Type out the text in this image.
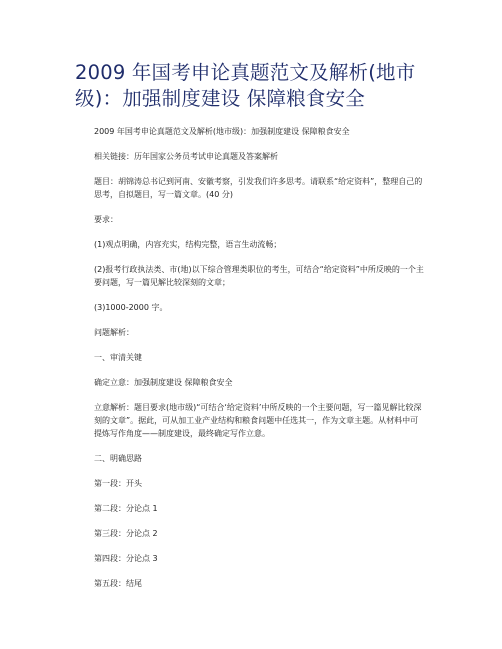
2009 年国考申论真题范文及解析(地市级)：加强制度建设 保障粮食安全

2009 年国考申论真题范文及解析(地市级)：加强制度建设 保障粮食安全

相关链接：历年国家公务员考试申论真题及答案解析

题目：胡锦涛总书记到河南、安徽考察，引发我们许多思考。请联系“给定资料”，整理自己的思考，自拟题目，写一篇文章。(40 分)

要求：

(1)观点明确，内容充实，结构完整，语言生动流畅；

(2)报考行政执法类、市(地)以下综合管理类职位的考生，可结合“给定资料”中所反映的一个主要问题，写一篇见解比较深刻的文章；

(3)1000-2000 字。

问题解析：

一、审清关键

确定立意：加强制度建设 保障粮食安全

立意解析：题目要求(地市级)“可结合‘给定资料’中所反映的一个主要问题，写一篇见解比较深刻的文章”。据此，可从加工业产业结构和粮食问题中任选其一，作为文章主题。从材料中可提炼写作角度——制度建设，最终确定写作立意。

二、明确思路

第一段：开头

第二段：分论点 1

第三段：分论点 2

第四段：分论点 3

第五段：结尾
